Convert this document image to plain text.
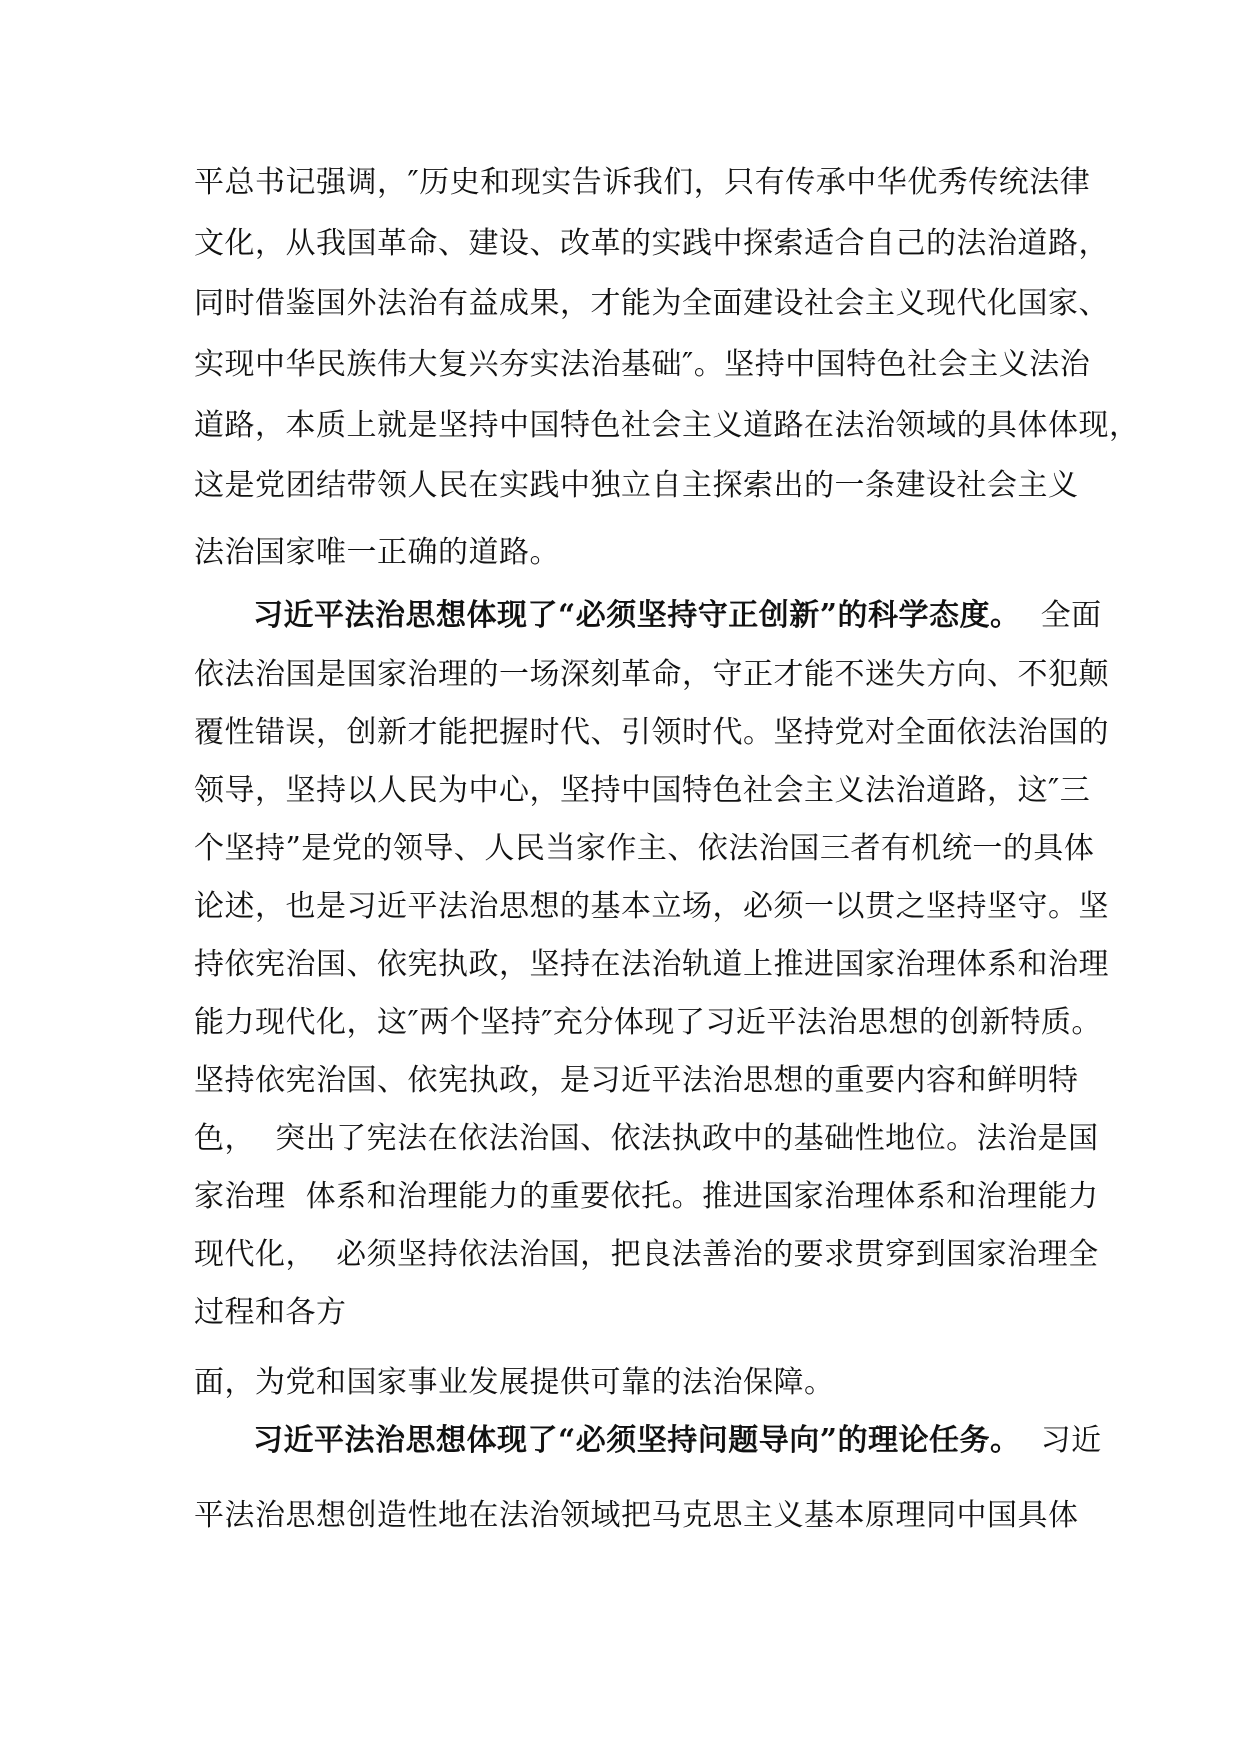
平总书记强调，″历史和现实告诉我们，只有传承中华优秀传统法律
文化，从我国革命、建设、改革的实践中探索适合自己的法治道路，
同时借鉴国外法治有益成果，才能为全面建设社会主义现代化国家、
实现中华民族伟大复兴夯实法治基础″。坚持中国特色社会主义法治
道路，本质上就是坚持中国特色社会主义道路在法治领域的具体体现，
这是党团结带领人民在实践中独立自主探索出的一条建设社会主义
法治国家唯一正确的道路。
习近平法治思想体现了“必须坚持守正创新”的科学态度。  全面
依法治国是国家治理的一场深刻革命，守正才能不迷失方向、不犯颠
覆性错误，创新才能把握时代、引领时代。坚持党对全面依法治国的
领导，坚持以人民为中心，坚持中国特色社会主义法治道路，这″三
个坚持”是党的领导、人民当家作主、依法治国三者有机统一的具体
论述，也是习近平法治思想的基本立场，必须一以贯之坚持坚守。坚
持依宪治国、依宪执政，坚持在法治轨道上推进国家治理体系和治理
能力现代化，这″两个坚持″充分体现了习近平法治思想的创新特质。
坚持依宪治国、依宪执政，是习近平法治思想的重要内容和鲜明特
色，  突出了宪法在依法治国、依法执政中的基础性地位。法治是国
家治理  体系和治理能力的重要依托。推进国家治理体系和治理能力
现代化，  必须坚持依法治国，把良法善治的要求贯穿到国家治理全
过程和各方
面，为党和国家事业发展提供可靠的法治保障。
习近平法治思想体现了“必须坚持问题导向”的理论任务。  习近
平法治思想创造性地在法治领域把马克思主义基本原理同中国具体
